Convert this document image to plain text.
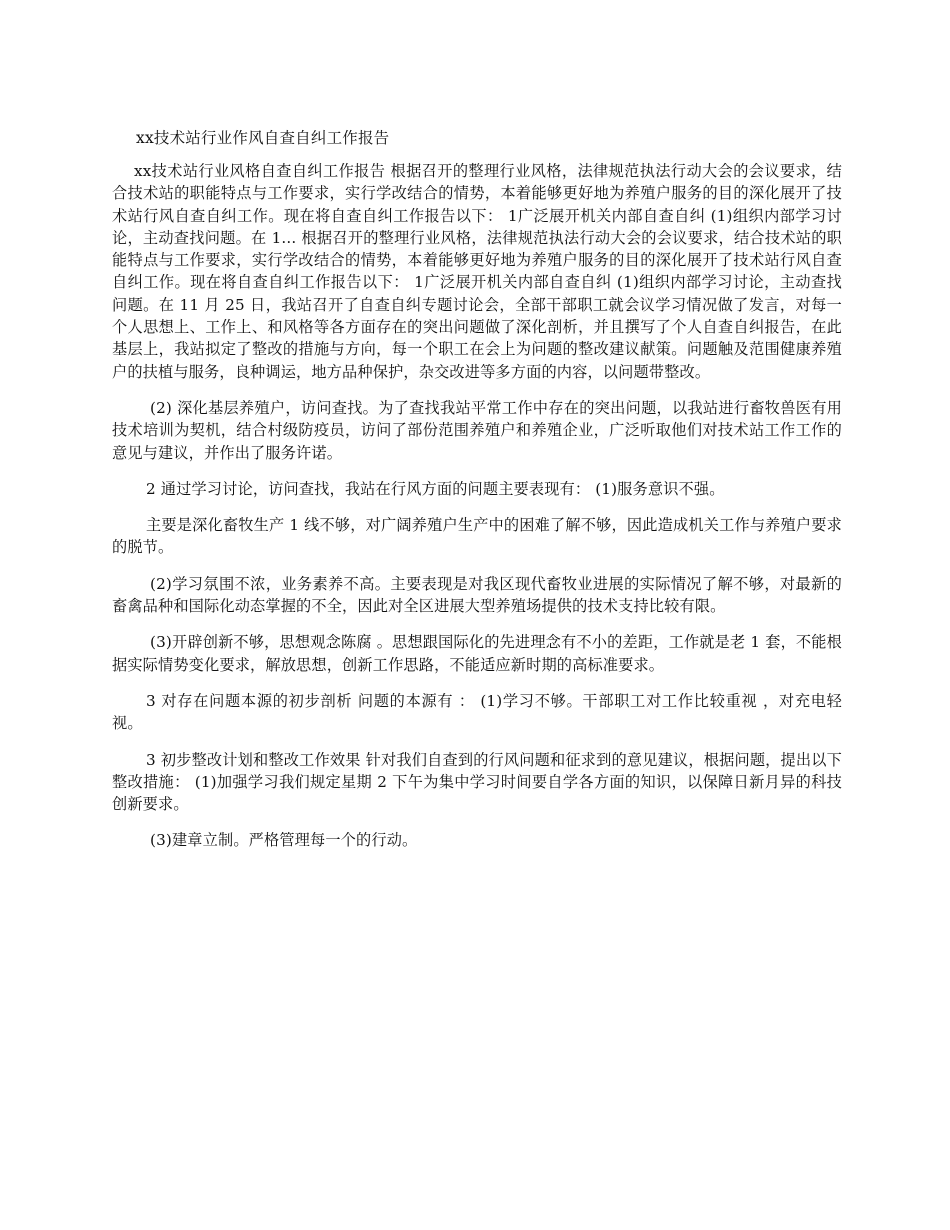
xx技术站行业作风自查自纠工作报告

xx技术站行业风格自查自纠工作报告 根据召开的整理行业风格，法律规范执法行动大会的会议要求，结合技术站的职能特点与工作要求，实行学改结合的情势，本着能够更好地为养殖户服务的目的深化展开了技术站行风自查自纠工作。现在将自查自纠工作报告以下： 1广泛展开机关内部自查自纠 (1)组织内部学习讨论，主动查找问题。在 1... 根据召开的整理行业风格，法律规范执法行动大会的会议要求，结合技术站的职能特点与工作要求，实行学改结合的情势，本着能够更好地为养殖户服务的目的深化展开了技术站行风自查自纠工作。现在将自查自纠工作报告以下： 1广泛展开机关内部自查自纠 (1)组织内部学习讨论，主动查找问题。在 11 月 25 日，我站召开了自查自纠专题讨论会，全部干部职工就会议学习情况做了发言，对每一个人思想上、工作上、和风格等各方面存在的突出问题做了深化剖析，并且撰写了个人自查自纠报告，在此基层上，我站拟定了整改的措施与方向，每一个职工在会上为问题的整改建议献策。问题触及范围健康养殖户的扶植与服务，良种调运，地方品种保护，杂交改进等多方面的内容，以问题带整改。

(2) 深化基层养殖户，访问查找。为了查找我站平常工作中存在的突出问题，以我站进行畜牧兽医有用技术培训为契机，结合村级防疫员，访问了部份范围养殖户和养殖企业，广泛听取他们对技术站工作工作的意见与建议，并作出了服务许诺。

2 通过学习讨论，访问查找，我站在行风方面的问题主要表现有： (1)服务意识不强。

主要是深化畜牧生产 1 线不够，对广阔养殖户生产中的困难了解不够，因此造成机关工作与养殖户要求的脱节。

(2)学习氛围不浓，业务素养不高。主要表现是对我区现代畜牧业进展的实际情况了解不够，对最新的畜禽品种和国际化动态掌握的不全，因此对全区进展大型养殖场提供的技术支持比较有限。

(3)开辟创新不够，思想观念陈腐 。思想跟国际化的先进理念有不小的差距，工作就是老 1 套，不能根据实际情势变化要求，解放思想，创新工作思路，不能适应新时期的高标准要求。

3 对存在问题本源的初步剖析 问题的本源有 ： (1)学习不够。干部职工对工作比较重视 ，对充电轻视。

3 初步整改计划和整改工作效果 针对我们自查到的行风问题和征求到的意见建议，根据问题，提出以下整改措施： (1)加强学习我们规定星期 2 下午为集中学习时间要自学各方面的知识，以保障日新月异的科技创新要求。

(3)建章立制。严格管理每一个的行动。
